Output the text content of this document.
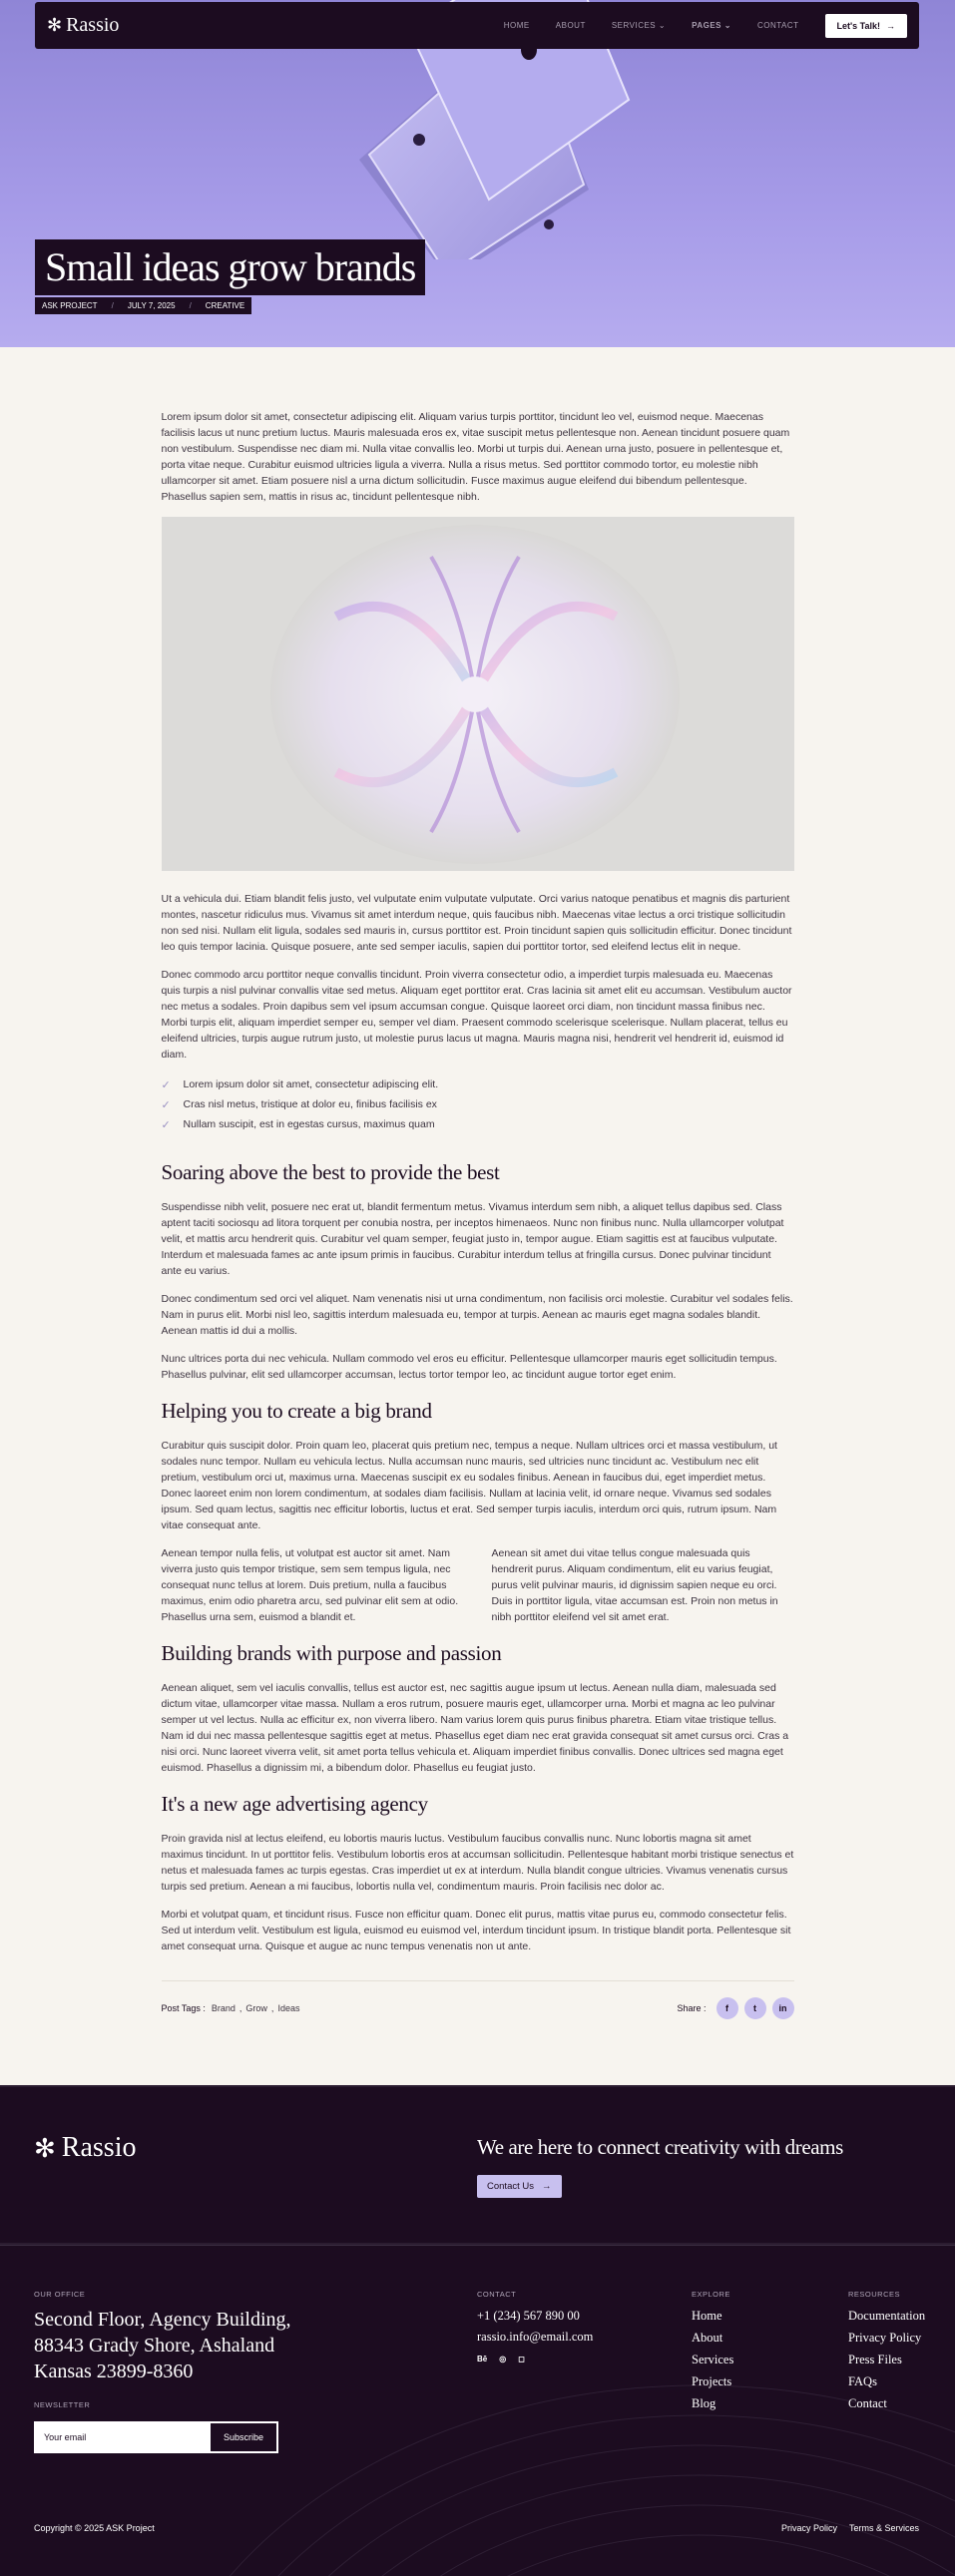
✻ Rassio	HOME	ABOUT	SERVICES ⌄	PAGES ⌄	CONTACT	Let's Talk! →
Small ideas grow brands
ASK PROJECT / JULY 7, 2025 / CREATIVE

Lorem ipsum dolor sit amet, consectetur adipiscing elit. Aliquam varius turpis porttitor, tincidunt leo vel, euismod neque. Maecenas facilisis lacus ut nunc pretium luctus. Mauris malesuada eros ex, vitae suscipit metus pellentesque non. Aenean tincidunt posuere quam non vestibulum. Suspendisse nec diam mi. Nulla vitae convallis leo. Morbi ut turpis dui. Aenean urna justo, posuere in pellentesque et, porta vitae neque. Curabitur euismod ultricies ligula a viverra. Nulla a risus metus. Sed porttitor commodo tortor, eu molestie nibh ullamcorper sit amet. Etiam posuere nisl a urna dictum sollicitudin. Fusce maximus augue eleifend dui bibendum pellentesque. Phasellus sapien sem, mattis in risus ac, tincidunt pellentesque nibh.

Ut a vehicula dui. Etiam blandit felis justo, vel vulputate enim vulputate vulputate. Orci varius natoque penatibus et magnis dis parturient montes, nascetur ridiculus mus. Vivamus sit amet interdum neque, quis faucibus nibh. Maecenas vitae lectus a orci tristique sollicitudin non sed nisi. Nullam elit ligula, sodales sed mauris in, cursus porttitor est. Proin tincidunt sapien quis sollicitudin efficitur. Donec tincidunt leo quis tempor lacinia. Quisque posuere, ante sed semper iaculis, sapien dui porttitor tortor, sed eleifend lectus elit in neque.

Donec commodo arcu porttitor neque convallis tincidunt. Proin viverra consectetur odio, a imperdiet turpis malesuada eu. Maecenas quis turpis a nisl pulvinar convallis vitae sed metus. Aliquam eget porttitor erat. Cras lacinia sit amet elit eu accumsan. Vestibulum auctor nec metus a sodales. Proin dapibus sem vel ipsum accumsan congue. Quisque laoreet orci diam, non tincidunt massa finibus nec. Morbi turpis elit, aliquam imperdiet semper eu, semper vel diam. Praesent commodo scelerisque scelerisque. Nullam placerat, tellus eu eleifend ultricies, turpis augue rutrum justo, ut molestie purus lacus ut magna. Mauris magna nisi, hendrerit vel hendrerit id, euismod id diam.

✓ Lorem ipsum dolor sit amet, consectetur adipiscing elit.
✓ Cras nisl metus, tristique at dolor eu, finibus facilisis ex
✓ Nullam suscipit, est in egestas cursus, maximus quam
Soaring above the best to provide the best

Suspendisse nibh velit, posuere nec erat ut, blandit fermentum metus. Vivamus interdum sem nibh, a aliquet tellus dapibus sed. Class aptent taciti sociosqu ad litora torquent per conubia nostra, per inceptos himenaeos. Nunc non finibus nunc. Nulla ullamcorper volutpat velit, et mattis arcu hendrerit quis. Curabitur vel quam semper, feugiat justo in, tempor augue. Etiam sagittis est at faucibus vulputate. Interdum et malesuada fames ac ante ipsum primis in faucibus. Curabitur interdum tellus at fringilla cursus. Donec pulvinar tincidunt ante eu varius.

Donec condimentum sed orci vel aliquet. Nam venenatis nisi ut urna condimentum, non facilisis orci molestie. Curabitur vel sodales felis. Nam in purus elit. Morbi nisl leo, sagittis interdum malesuada eu, tempor at turpis. Aenean ac mauris eget magna sodales blandit. Aenean mattis id dui a mollis.

Nunc ultrices porta dui nec vehicula. Nullam commodo vel eros eu efficitur. Pellentesque ullamcorper mauris eget sollicitudin tempus. Phasellus pulvinar, elit sed ullamcorper accumsan, lectus tortor tempor leo, ac tincidunt augue tortor eget enim.

Helping you to create a big brand

Curabitur quis suscipit dolor. Proin quam leo, placerat quis pretium nec, tempus a neque. Nullam ultrices orci et massa vestibulum, ut sodales nunc tempor. Nullam eu vehicula lectus. Nulla accumsan nunc mauris, sed ultricies nunc tincidunt ac. Vestibulum nec elit pretium, vestibulum orci ut, maximus urna. Maecenas suscipit ex eu sodales finibus. Aenean in faucibus dui, eget imperdiet metus. Donec laoreet enim non lorem condimentum, at sodales diam facilisis. Nullam at lacinia velit, id ornare neque. Vivamus sed sodales ipsum. Sed quam lectus, sagittis nec efficitur lobortis, luctus et erat. Sed semper turpis iaculis, interdum orci quis, rutrum ipsum. Nam vitae consequat ante.

Aenean tempor nulla felis, ut volutpat est auctor sit amet. Nam viverra justo quis tempor tristique, sem sem tempus ligula, nec consequat nunc tellus at lorem. Duis pretium, nulla a faucibus maximus, enim odio pharetra arcu, sed pulvinar elit sem at odio. Phasellus urna sem, euismod a blandit et.

Aenean sit amet dui vitae tellus congue malesuada quis hendrerit purus. Aliquam condimentum, elit eu varius feugiat, purus velit pulvinar mauris, id dignissim sapien neque eu orci. Duis in porttitor ligula, vitae accumsan est. Proin non metus in nibh porttitor eleifend vel sit amet erat.

Building brands with purpose and passion

Aenean aliquet, sem vel iaculis convallis, tellus est auctor est, nec sagittis augue ipsum ut lectus. Aenean nulla diam, malesuada sed dictum vitae, ullamcorper vitae massa. Nullam a eros rutrum, posuere mauris eget, ullamcorper urna. Morbi et magna ac leo pulvinar semper ut vel lectus. Nulla ac efficitur ex, non viverra libero. Nam varius lorem quis purus finibus pharetra. Etiam vitae tristique tellus. Nam id dui nec massa pellentesque sagittis eget at metus. Phasellus eget diam nec erat gravida consequat sit amet cursus orci. Cras a nisi orci. Nunc laoreet viverra velit, sit amet porta tellus vehicula et. Aliquam imperdiet finibus convallis. Donec ultrices sed magna eget euismod. Phasellus a dignissim mi, a bibendum dolor. Phasellus eu feugiat justo.

It's a new age advertising agency

Proin gravida nisl at lectus eleifend, eu lobortis mauris luctus. Vestibulum faucibus convallis nunc. Nunc lobortis magna sit amet maximus tincidunt. In ut porttitor felis. Vestibulum lobortis eros at accumsan sollicitudin. Pellentesque habitant morbi tristique senectus et netus et malesuada fames ac turpis egestas. Cras imperdiet ut ex at interdum. Nulla blandit congue ultricies. Vivamus venenatis cursus turpis sed pretium. Aenean a mi faucibus, lobortis nulla vel, condimentum mauris. Proin facilisis nec dolor ac.

Morbi et volutpat quam, et tincidunt risus. Fusce non efficitur quam. Donec elit purus, mattis vitae purus eu, commodo consectetur felis. Sed ut interdum velit. Vestibulum est ligula, euismod eu euismod vel, interdum tincidunt ipsum. In tristique blandit porta. Pellentesque sit amet consequat urna. Quisque et augue ac nunc tempus venenatis non ut ante.

Post Tags : Brand , Grow , Ideas	Share :	f	t	in
✻ Rassio	We are here to connect creativity with dreams
Contact Us →
OUR OFFICE
Second Floor, Agency Building, 88343 Grady Shore, Ashaland Kansas 23899-8360
NEWSLETTER
Your email	Subscribe
CONTACT
+1 (234) 567 890 00
rassio.info@email.com
Bē ◎ ◻
EXPLORE
Home
About
Services
Projects
Blog
RESOURCES
Documentation
Privacy Policy
Press Files
FAQs
Contact
Copyright © 2025 ASK Project	Privacy Policy Terms & Services
